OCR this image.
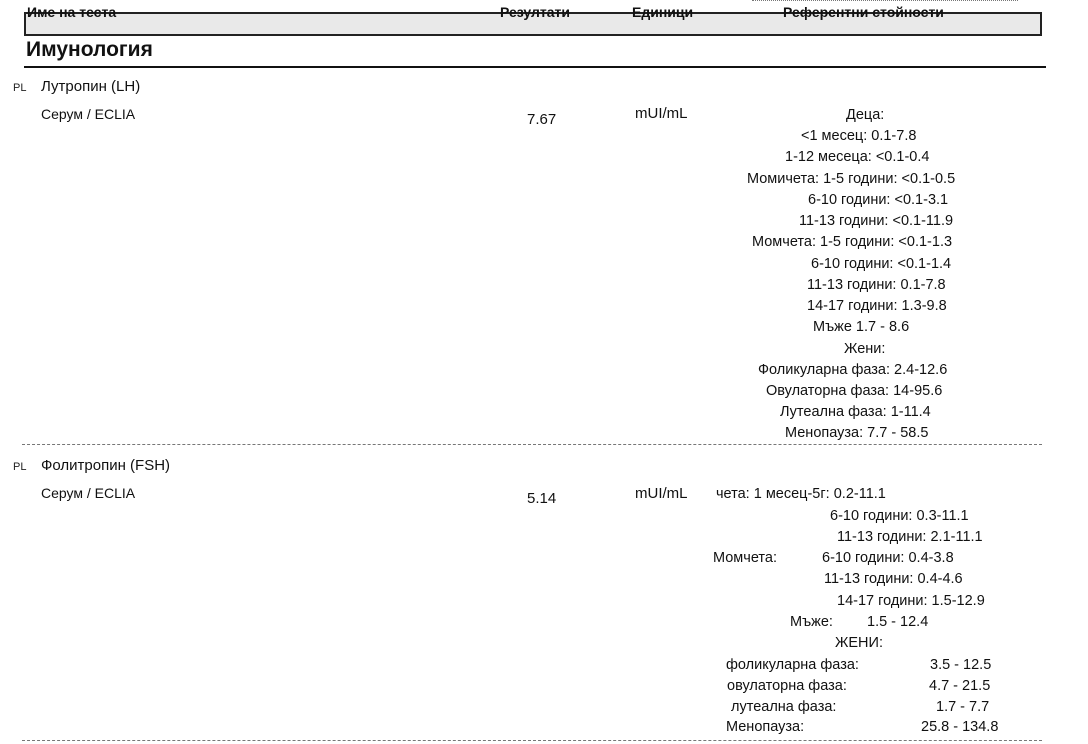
Име на теста	Резултати	Единици	Референтни стойности
Имунология
PL Лутропин (LH)
Серум / ECLIA	7.67	mUI/mL	Деца:
<1 месец: 0.1-7.8
1-12 месеца: <0.1-0.4
Момичета: 1-5 години: <0.1-0.5
6-10 години: <0.1-3.1
11-13 години: <0.1-11.9
Момчета: 1-5 години: <0.1-1.3
6-10 години: <0.1-1.4
11-13 години: 0.1-7.8
14-17 години: 1.3-9.8
Мъже 1.7 - 8.6
Жени:
Фоликуларна фаза: 2.4-12.6
Овулаторна фаза: 14-95.6
Лутеална фаза: 1-11.4
Менопауза: 7.7 - 58.5
PL Фолитропин (FSH)
Серум / ECLIA	5.14	mUI/mL чета: 1 месец-5г: 0.2-11.1
6-10 години: 0.3-11.1
11-13 години: 2.1-11.1
Момчета:	6-10 години: 0.4-3.8
11-13 години: 0.4-4.6
14-17 години: 1.5-12.9
Мъже: 1.5 - 12.4
ЖЕНИ:
фоликуларна фаза:	3.5 - 12.5
овулаторна фаза:	4.7 - 21.5
лутеална фаза:	1.7 - 7.7
Менопауза:	25.8 - 134.8
